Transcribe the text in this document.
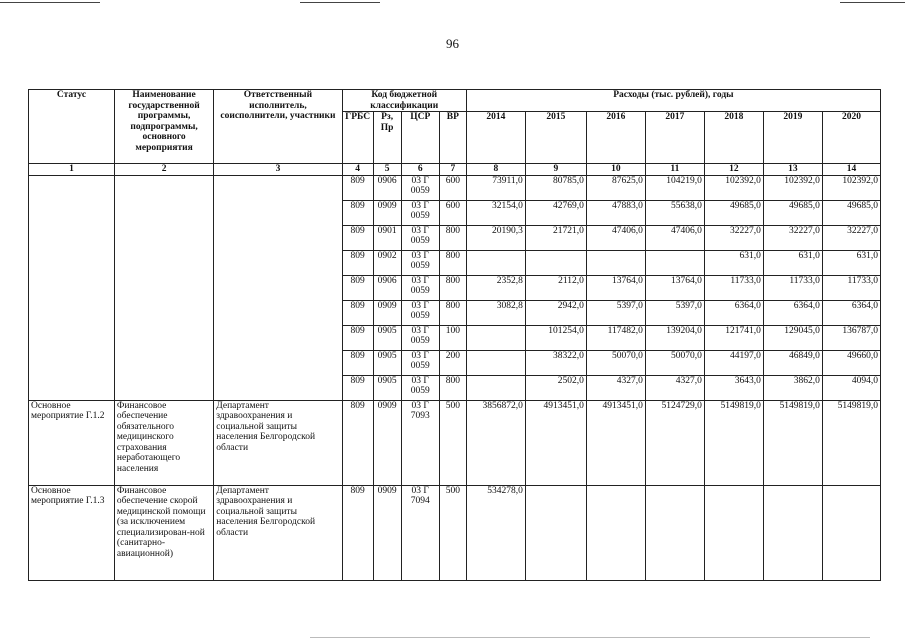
96
Статус	Наименование государственной программы, подпрограммы, основного мероприятия	Ответственный исполнитель, соисполнители, участники	Код бюджетной классификации				Расходы (тыс. рублей), годы						
			ГРБС	Рз, Пр	ЦСР	ВР	2014	2015	2016	2017	2018	2019	2020
1	2	3	4	5	6	7	8	9	10	11	12	13	14
			809	0906	03 Г 0059	600	73911,0	80785,0	87625,0	104219,0	102392,0	102392,0	102392,0
			809	0909	03 Г 0059	600	32154,0	42769,0	47883,0	55638,0	49685,0	49685,0	49685,0
			809	0901	03 Г 0059	800	20190,3	21721,0	47406,0	47406,0	32227,0	32227,0	32227,0
			809	0902	03 Г 0059	800					631,0	631,0	631,0
			809	0906	03 Г 0059	800	2352,8	2112,0	13764,0	13764,0	11733,0	11733,0	11733,0
			809	0909	03 Г 0059	800	3082,8	2942,0	5397,0	5397,0	6364,0	6364,0	6364,0
			809	0905	03 Г 0059	100		101254,0	117482,0	139204,0	121741,0	129045,0	136787,0
			809	0905	03 Г 0059	200		38322,0	50070,0	50070,0	44197,0	46849,0	49660,0
			809	0905	03 Г 0059	800		2502,0	4327,0	4327,0	3643,0	3862,0	4094,0
Основное мероприятие Г.1.2	Финансовое обеспечение обязательного медицинского страхования неработающего населения	Департамент здравоохранения и социальной защиты населения Белгородской области	809	0909	03 Г 7093	500	3856872,0	4913451,0	4913451,0	5124729,0	5149819,0	5149819,0	5149819,0
Основное мероприятие Г.1.3	Финансовое обеспечение скорой медицинской помощи (за исключением специализирован-ной (санитарно-авиационной)	Департамент здравоохранения и социальной защиты населения Белгородской области	809	0909	03 Г 7094	500	534278,0						
